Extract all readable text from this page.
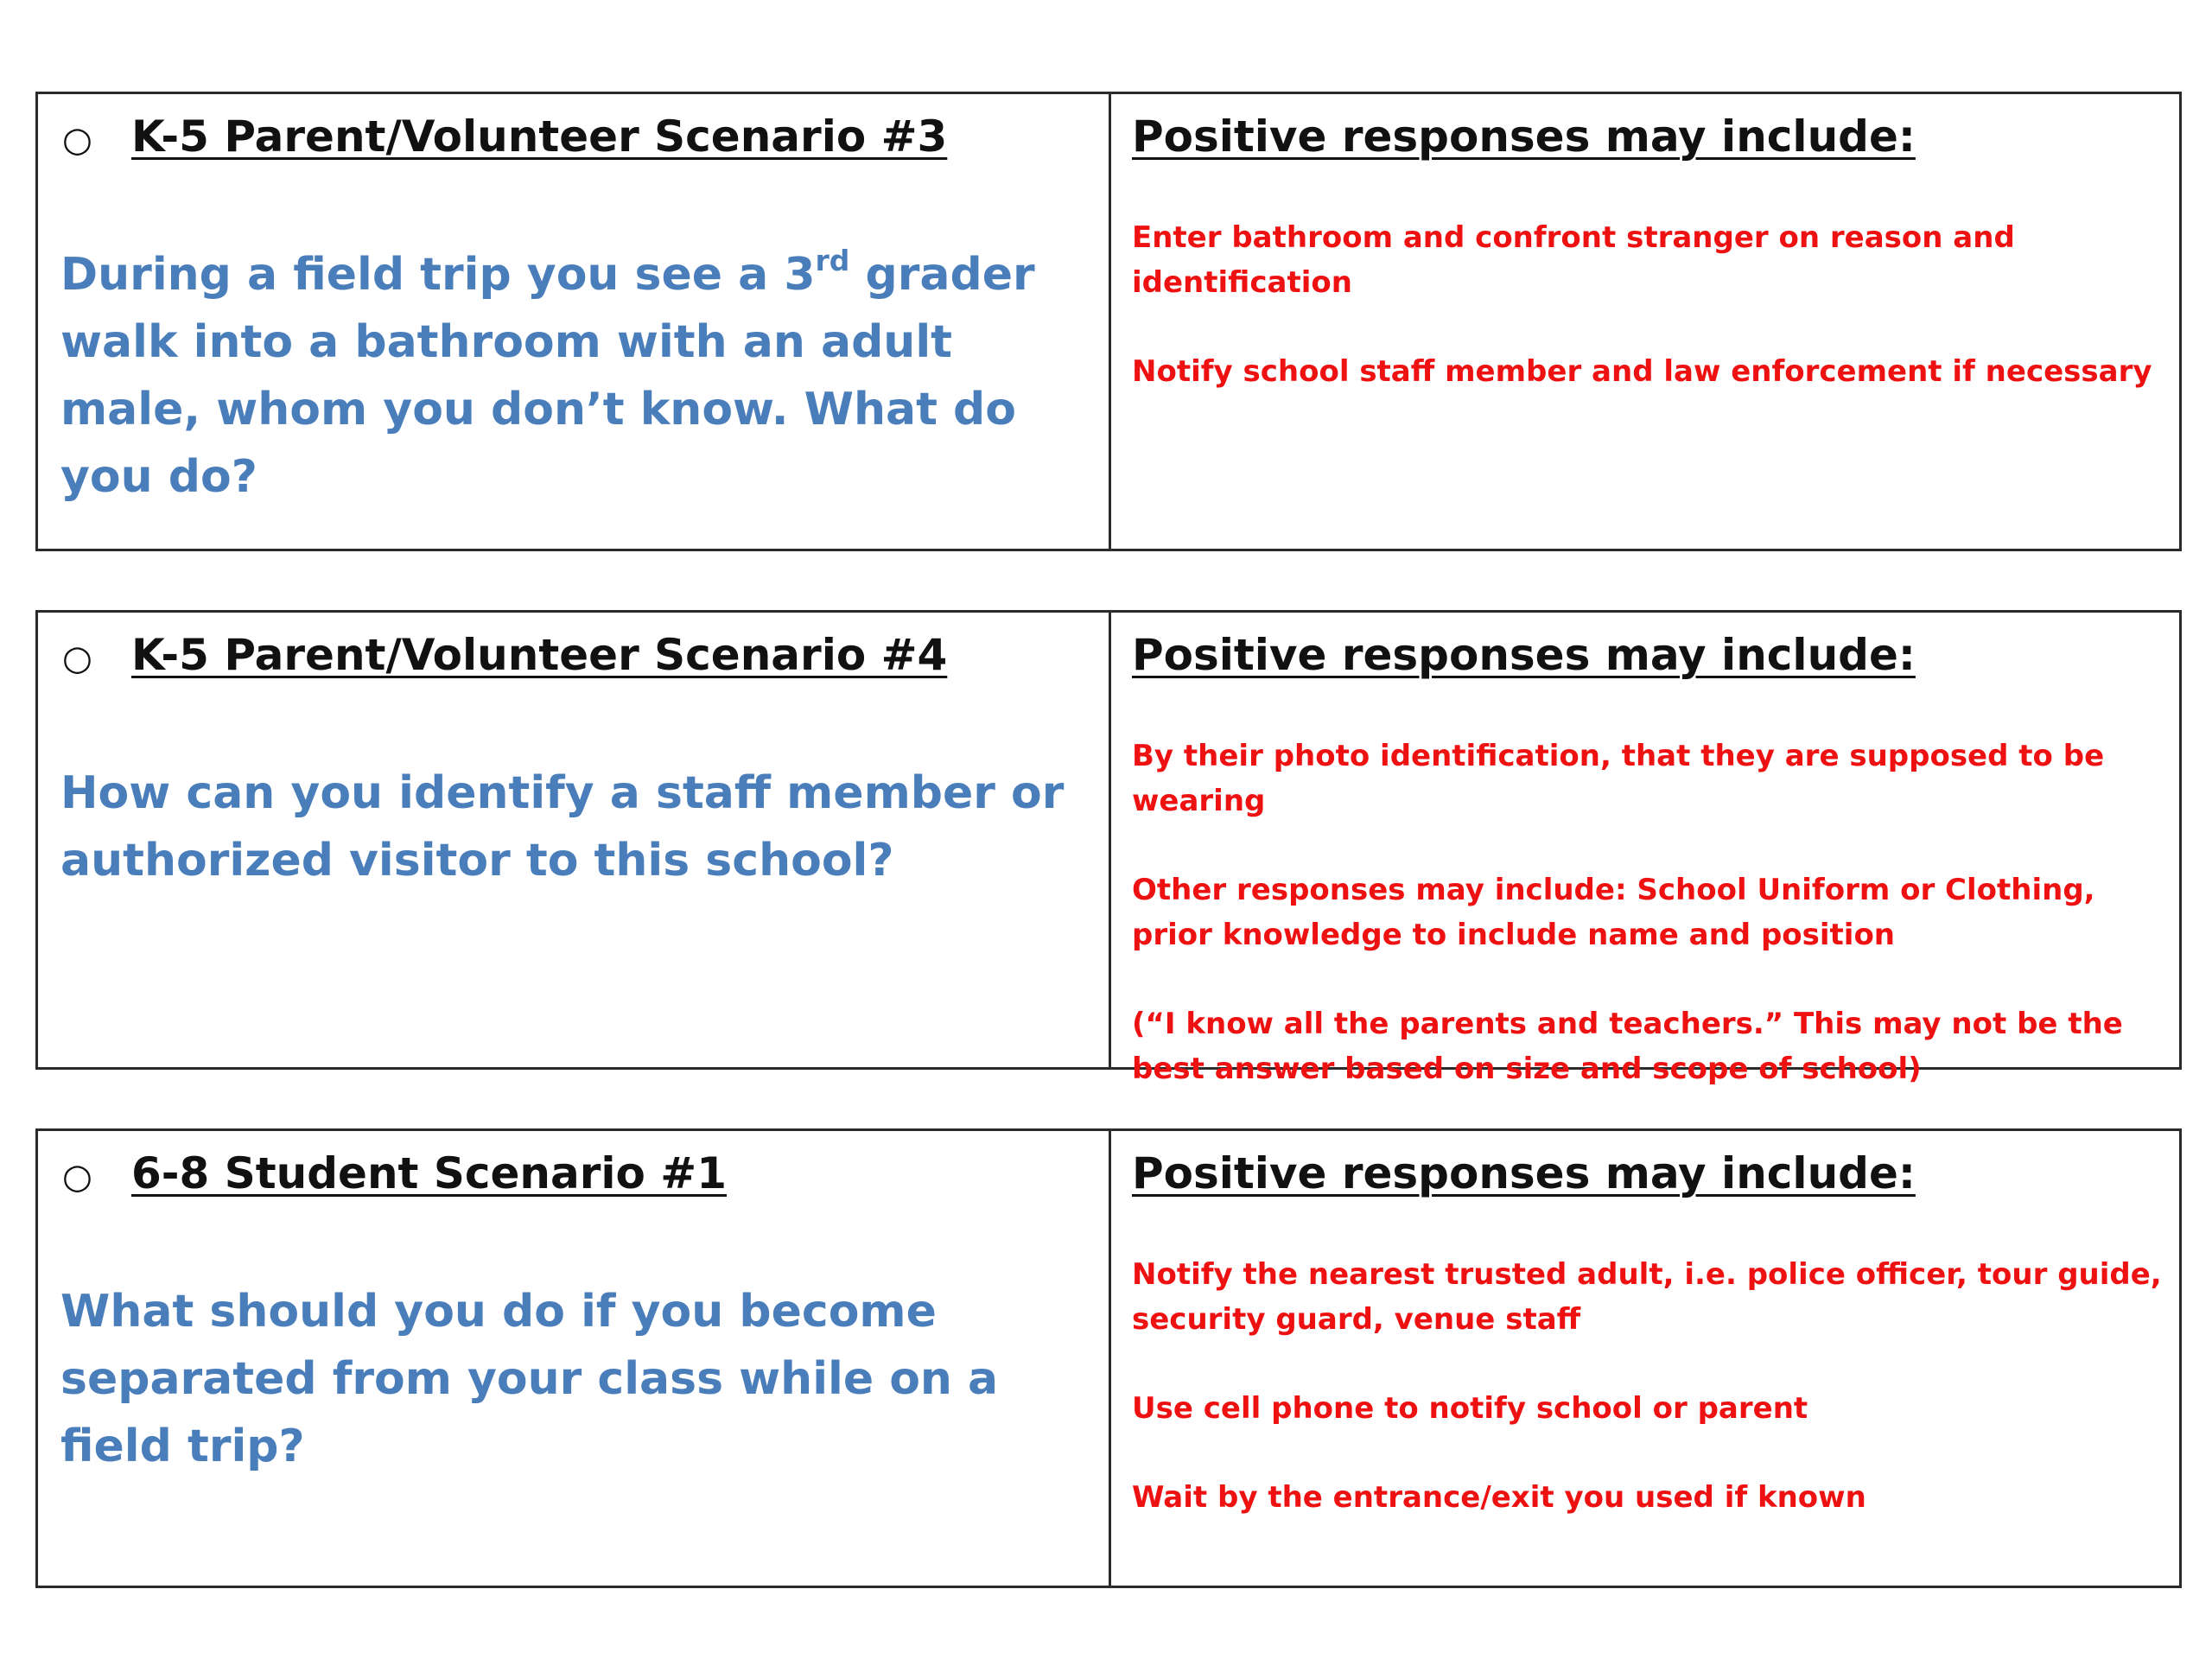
○ K-5 Parent/Volunteer Scenario #3
During a field trip you see a 3rd grader walk into a bathroom with an adult male, whom you don’t know. What do you do?
Positive responses may include:

Enter bathroom and confront stranger on reason and identification

Notify school staff member and law enforcement if necessary

○ K-5 Parent/Volunteer Scenario #4
How can you identify a staff member or authorized visitor to this school?
Positive responses may include:

By their photo identification, that they are supposed to be wearing

Other responses may include: School Uniform or Clothing, prior knowledge to include name and position

(“I know all the parents and teachers.” This may not be the best answer based on size and scope of school)

○ 6-8 Student Scenario #1
What should you do if you become separated from your class while on a field trip?
Positive responses may include:

Notify the nearest trusted adult, i.e. police officer, tour guide, security guard, venue staff

Use cell phone to notify school or parent

Wait by the entrance/exit you used if known
